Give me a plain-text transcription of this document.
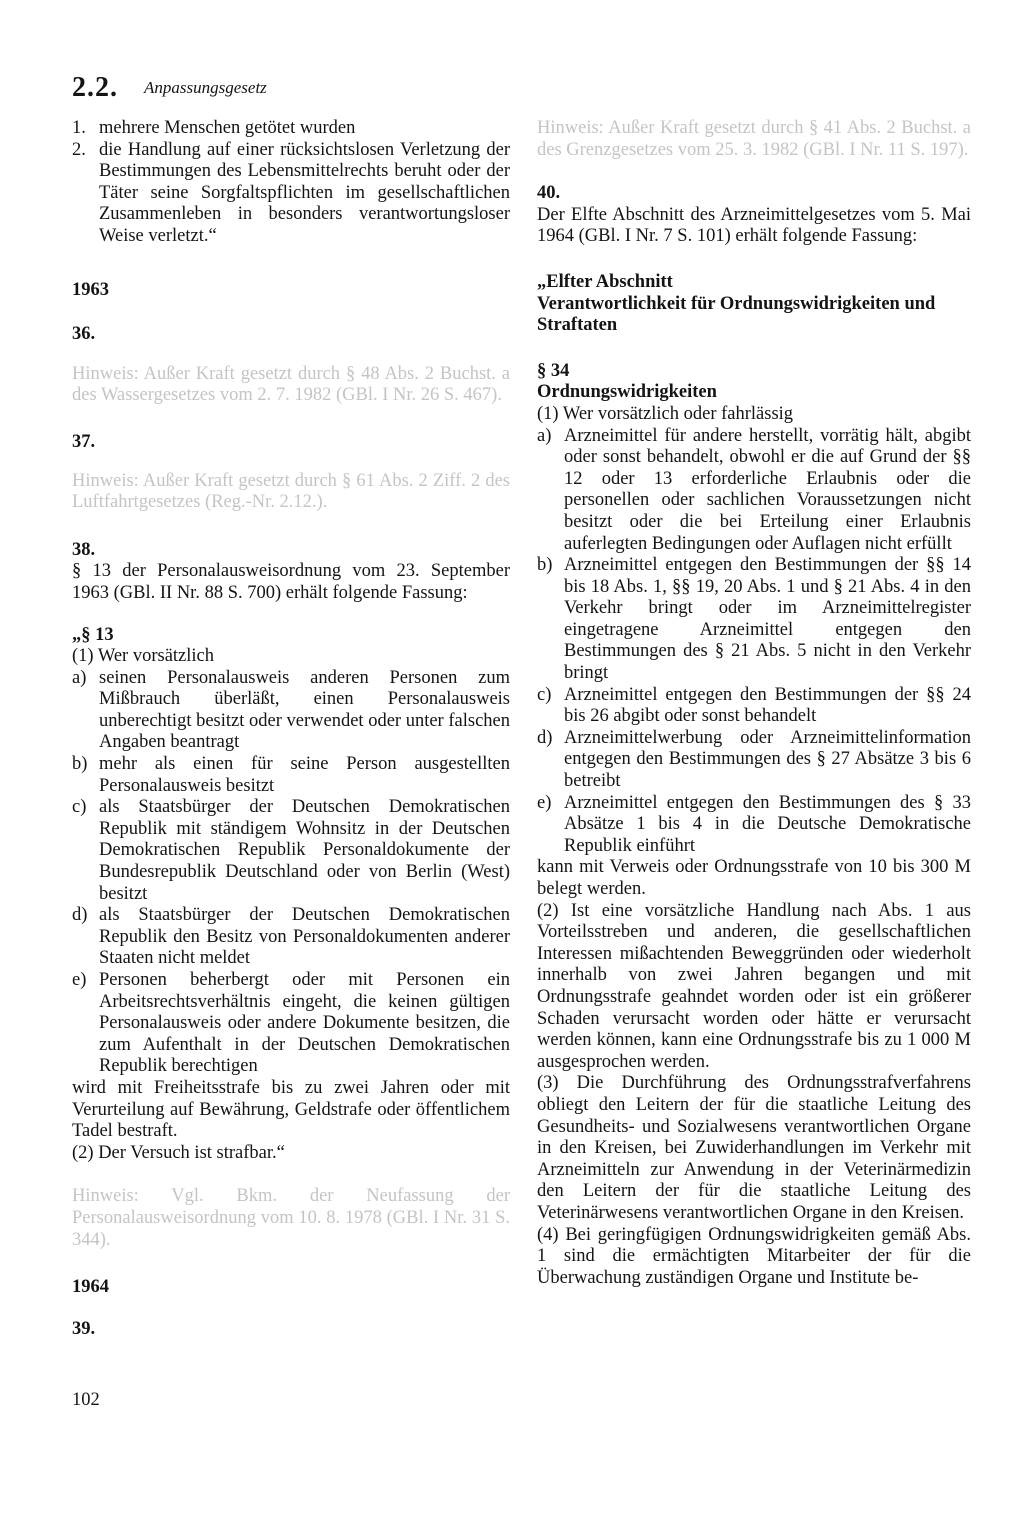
2.2. Anpassungsgesetz
1. mehrere Menschen getötet wurden
2. die Handlung auf einer rücksichtslosen Verletzung der Bestimmungen des Lebensmittelrechts beruht oder der Täter seine Sorgfaltspflichten im gesellschaftlichen Zusammenleben in besonders verantwortungsloser Weise verletzt.“

1963

36.

Hinweis: Außer Kraft gesetzt durch § 48 Abs. 2 Buchst. a des Wassergesetzes vom 2. 7. 1982 (GBl. I Nr. 26 S. 467).

37.

Hinweis: Außer Kraft gesetzt durch § 61 Abs. 2 Ziff. 2 des Luftfahrtgesetzes (Reg.-Nr. 2.12.).

38.

§ 13 der Personalausweisordnung vom 23. September 1963 (GBl. II Nr. 88 S. 700) erhält folgende Fassung:

„§ 13

(1) Wer vorsätzlich

a) seinen Personalausweis anderen Personen zum Mißbrauch überläßt, einen Personalausweis unberechtigt besitzt oder verwendet oder unter falschen Angaben beantragt
b) mehr als einen für seine Person ausgestellten Personalausweis besitzt
c) als Staatsbürger der Deutschen Demokratischen Republik mit ständigem Wohnsitz in der Deutschen Demokratischen Republik Personaldokumente der Bundesrepublik Deutschland oder von Berlin (West) besitzt
d) als Staatsbürger der Deutschen Demokratischen Republik den Besitz von Personaldokumenten anderer Staaten nicht meldet
e) Personen beherbergt oder mit Personen ein Arbeitsrechtsverhältnis eingeht, die keinen gültigen Personalausweis oder andere Dokumente besitzen, die zum Aufenthalt in der Deutschen Demokratischen Republik berechtigen

wird mit Freiheitsstrafe bis zu zwei Jahren oder mit Verurteilung auf Bewährung, Geldstrafe oder öffentlichem Tadel bestraft.

(2) Der Versuch ist strafbar.“

Hinweis: Vgl. Bkm. der Neufassung der Personalausweisordnung vom 10. 8. 1978 (GBl. I Nr. 31 S. 344).

1964

39.

Hinweis: Außer Kraft gesetzt durch § 41 Abs. 2 Buchst. a des Grenzgesetzes vom 25. 3. 1982 (GBl. I Nr. 11 S. 197).

40.

Der Elfte Abschnitt des Arzneimittelgesetzes vom 5. Mai 1964 (GBl. I Nr. 7 S. 101) erhält folgende Fassung:

„Elfter Abschnitt

Verantwortlichkeit für Ordnungswidrigkeiten und Straftaten

§ 34

Ordnungswidrigkeiten

(1) Wer vorsätzlich oder fahrlässig

a) Arzneimittel für andere herstellt, vorrätig hält, abgibt oder sonst behandelt, obwohl er die auf Grund der §§ 12 oder 13 erforderliche Erlaubnis oder die personellen oder sachlichen Voraussetzungen nicht besitzt oder die bei Erteilung einer Erlaubnis auferlegten Bedingungen oder Auflagen nicht erfüllt
b) Arzneimittel entgegen den Bestimmungen der §§ 14 bis 18 Abs. 1, §§ 19, 20 Abs. 1 und § 21 Abs. 4 in den Verkehr bringt oder im Arzneimittelregister eingetragene Arzneimittel entgegen den Bestimmungen des § 21 Abs. 5 nicht in den Verkehr bringt
c) Arzneimittel entgegen den Bestimmungen der §§ 24 bis 26 abgibt oder sonst behandelt
d) Arzneimittelwerbung oder Arzneimittelinformation entgegen den Bestimmungen des § 27 Absätze 3 bis 6 betreibt
e) Arzneimittel entgegen den Bestimmungen des § 33 Absätze 1 bis 4 in die Deutsche Demokratische Republik einführt

kann mit Verweis oder Ordnungsstrafe von 10 bis 300 M belegt werden.

(2) Ist eine vorsätzliche Handlung nach Abs. 1 aus Vorteilsstreben und anderen, die gesellschaftlichen Interessen mißachtenden Beweggründen oder wiederholt innerhalb von zwei Jahren begangen und mit Ordnungsstrafe geahndet worden oder ist ein größerer Schaden verursacht worden oder hätte er verursacht werden können, kann eine Ordnungsstrafe bis zu 1 000 M ausgesprochen werden.

(3) Die Durchführung des Ordnungsstrafverfahrens obliegt den Leitern der für die staatliche Leitung des Gesundheits- und Sozialwesens verantwortlichen Organe in den Kreisen, bei Zuwiderhandlungen im Verkehr mit Arzneimitteln zur Anwendung in der Veterinärmedizin den Leitern der für die staatliche Leitung des Veterinärwesens verantwortlichen Organe in den Kreisen.

(4) Bei geringfügigen Ordnungswidrigkeiten gemäß Abs. 1 sind die ermächtigten Mitarbeiter der für die Überwachung zuständigen Organe und Institute be-

102
